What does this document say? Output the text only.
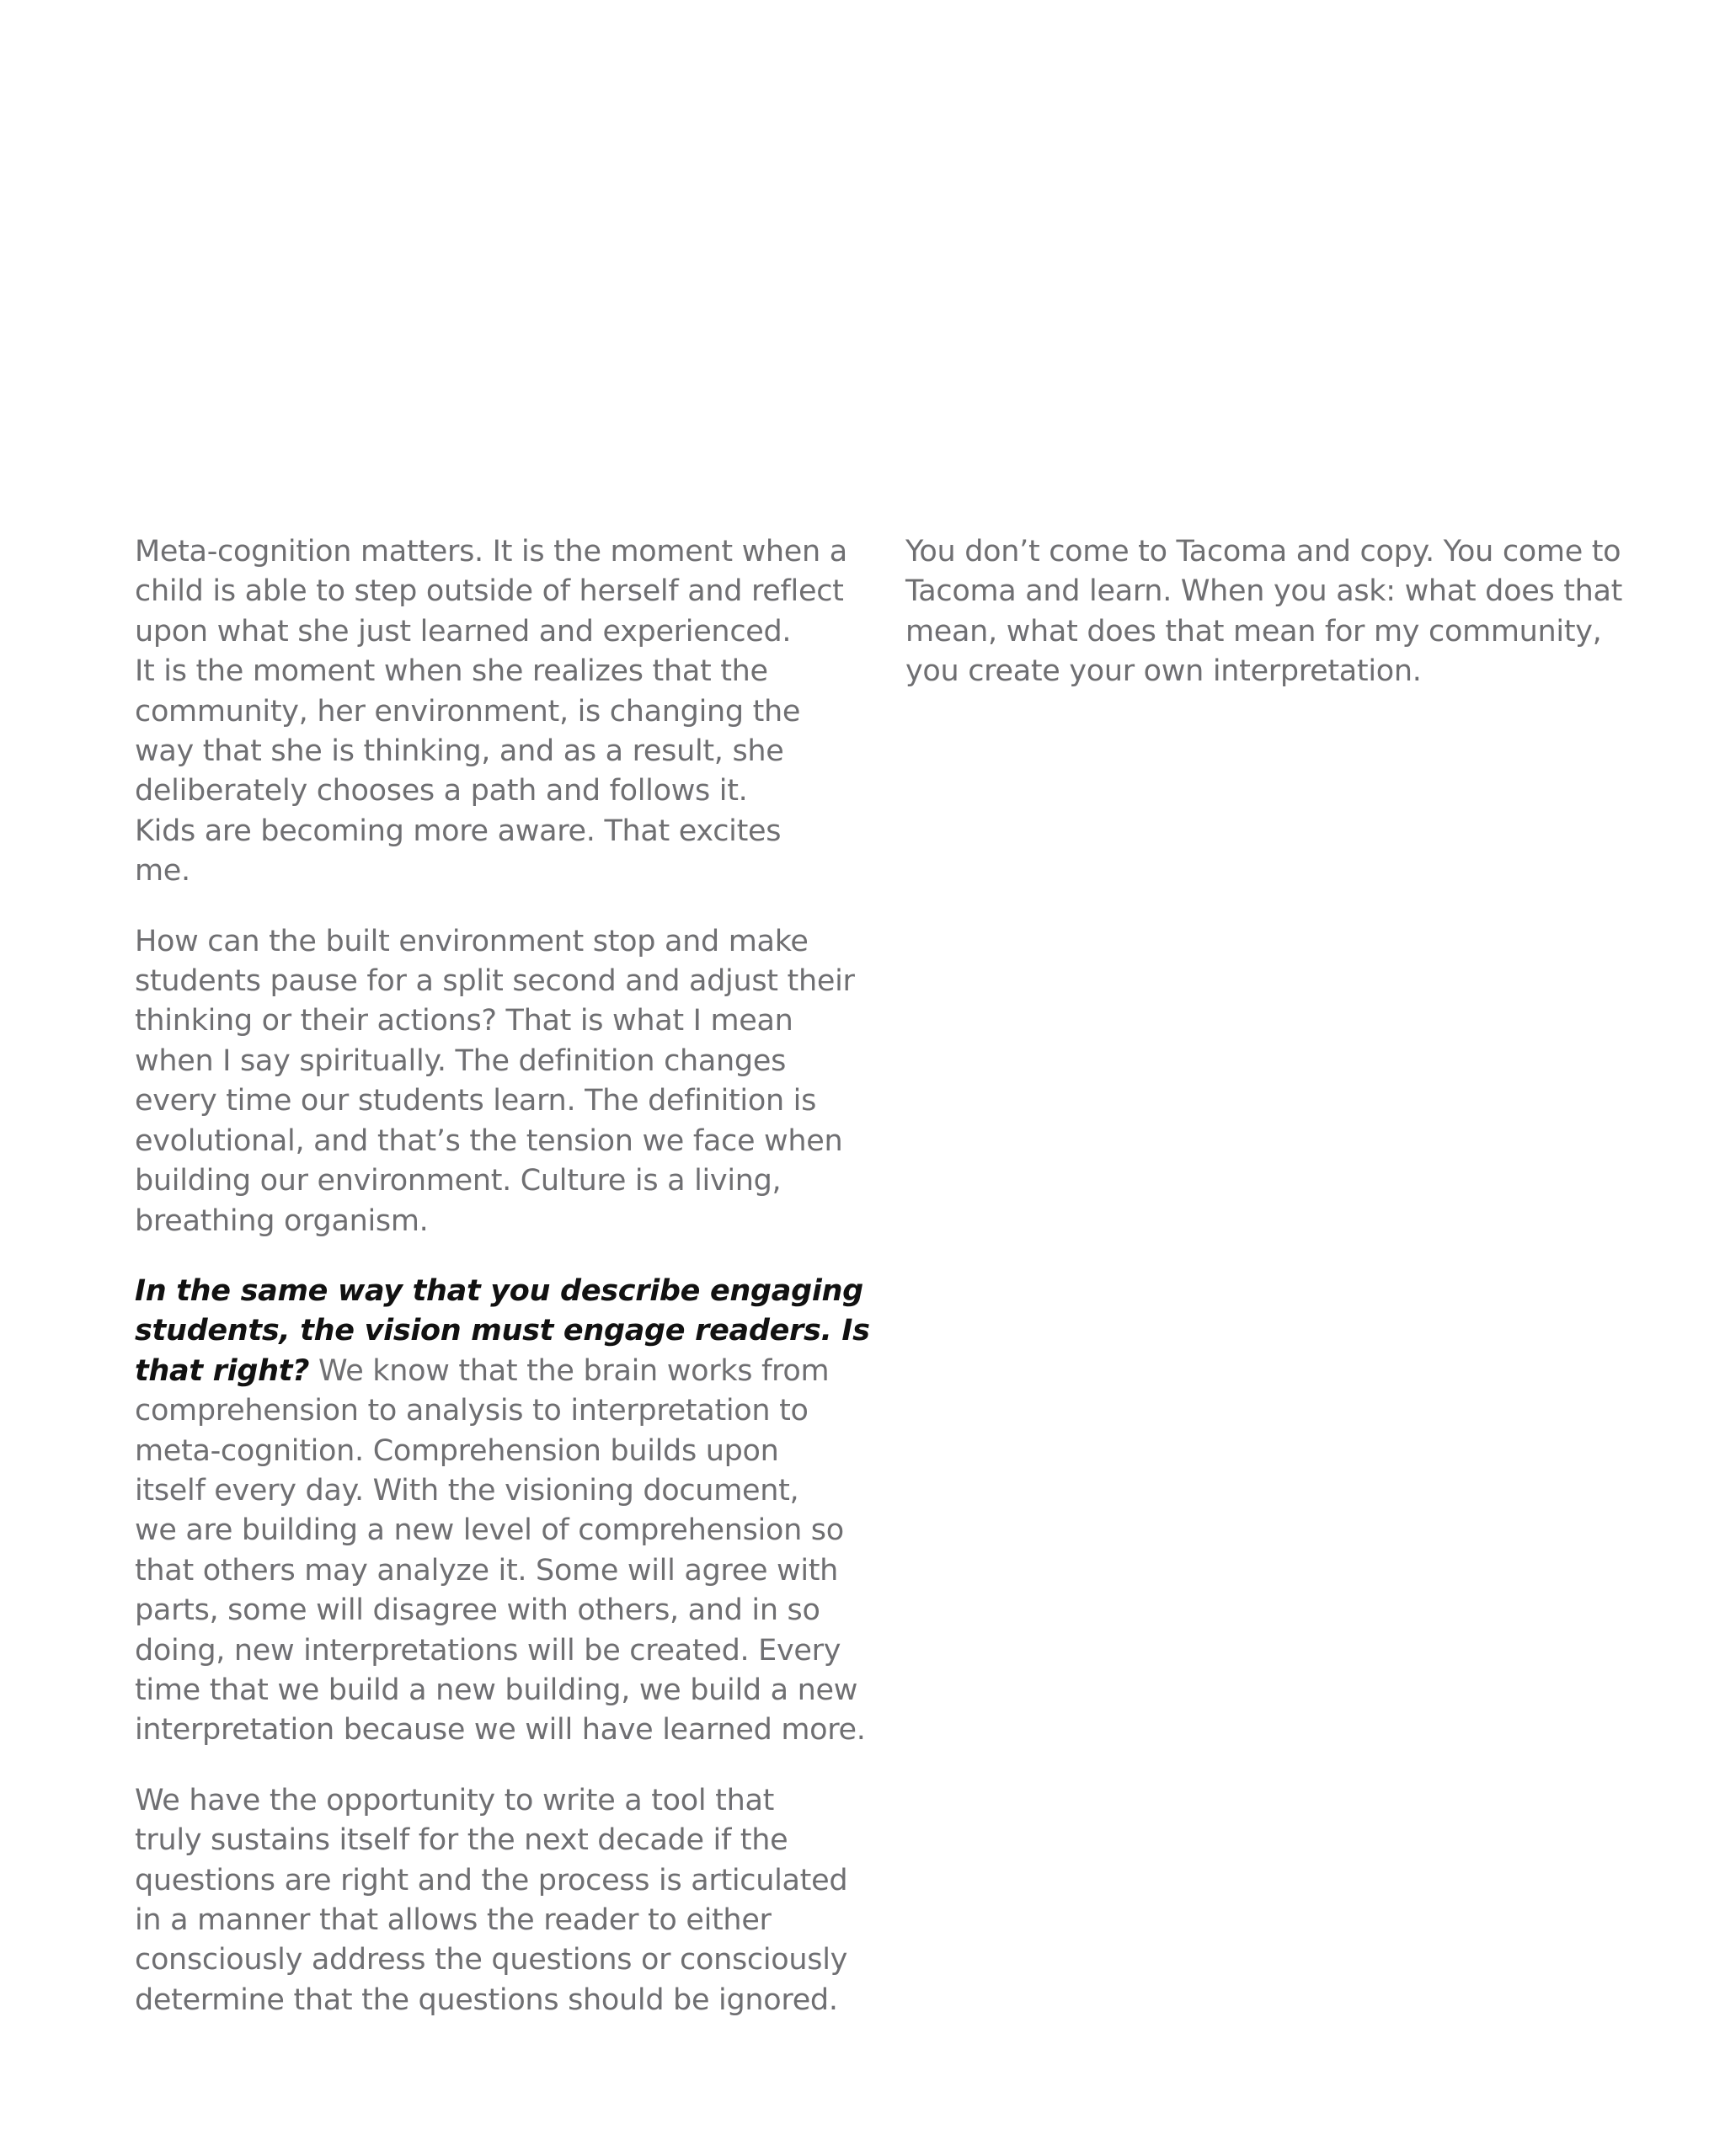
Meta-cognition matters. It is the moment when a
child is able to step outside of herself and reflect
upon what she just learned and experienced.
It is the moment when she realizes that the
community, her environment, is changing the
way that she is thinking, and as a result, she
deliberately chooses a path and follows it.
Kids are becoming more aware. That excites
me.

How can the built environment stop and make
students pause for a split second and adjust their
thinking or their actions? That is what I mean
when I say spiritually. The definition changes
every time our students learn. The definition is
evolutional, and that’s the tension we face when
building our environment. Culture is a living,
breathing organism.

In the same way that you describe engaging
students, the vision must engage readers. Is
that right? We know that the brain works from
comprehension to analysis to interpretation to
meta-cognition. Comprehension builds upon
itself every day. With the visioning document,
we are building a new level of comprehension so
that others may analyze it. Some will agree with
parts, some will disagree with others, and in so
doing, new interpretations will be created. Every
time that we build a new building, we build a new
interpretation because we will have learned more.

We have the opportunity to write a tool that
truly sustains itself for the next decade if the
questions are right and the process is articulated
in a manner that allows the reader to either
consciously address the questions or consciously
determine that the questions should be ignored.

You don’t come to Tacoma and copy. You come to
Tacoma and learn. When you ask: what does that
mean, what does that mean for my community,
you create your own interpretation.
